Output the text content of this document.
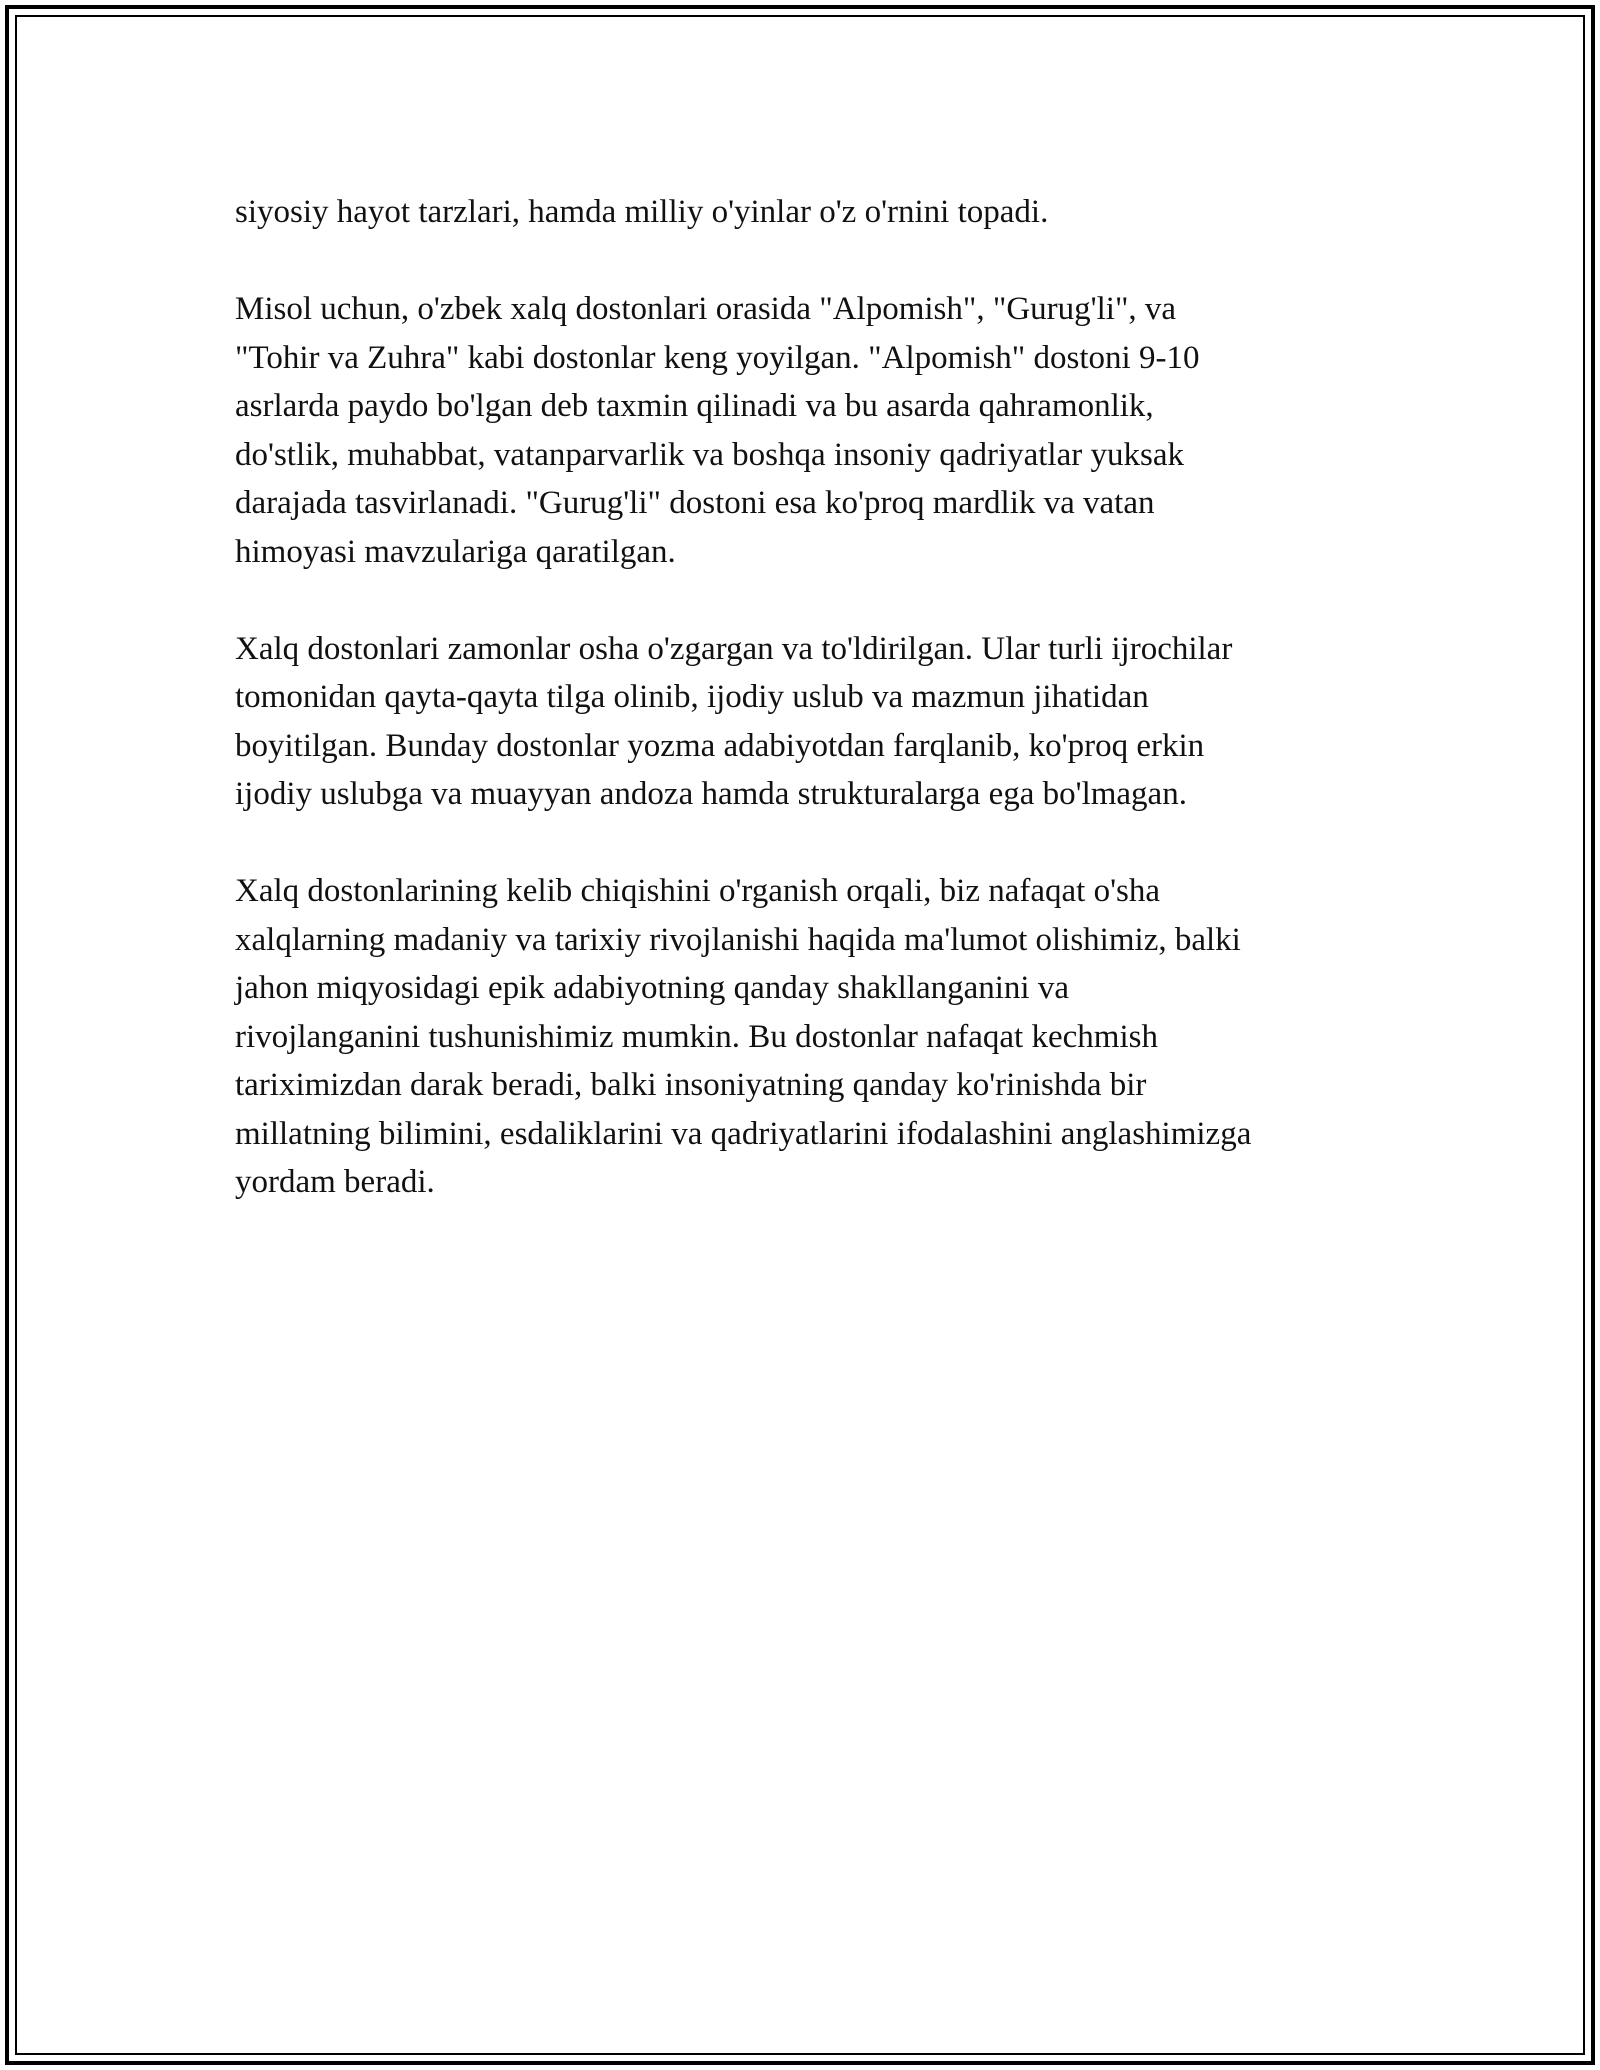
siyosiy hayot tarzlari, hamda milliy o'yinlar o'z o'rnini topadi.

Misol uchun, o'zbek xalq dostonlari orasida "Alpomish", "Gurug'li", va
"Tohir va Zuhra" kabi dostonlar keng yoyilgan. "Alpomish" dostoni 9-10
asrlarda paydo bo'lgan deb taxmin qilinadi va bu asarda qahramonlik,
do'stlik, muhabbat, vatanparvarlik va boshqa insoniy qadriyatlar yuksak
darajada tasvirlanadi. "Gurug'li" dostoni esa ko'proq mardlik va vatan
himoyasi mavzulariga qaratilgan.

Xalq dostonlari zamonlar osha o'zgargan va to'ldirilgan. Ular turli ijrochilar
tomonidan qayta-qayta tilga olinib, ijodiy uslub va mazmun jihatidan
boyitilgan. Bunday dostonlar yozma adabiyotdan farqlanib, ko'proq erkin
ijodiy uslubga va muayyan andoza hamda strukturalarga ega bo'lmagan.

Xalq dostonlarining kelib chiqishini o'rganish orqali, biz nafaqat o'sha
xalqlarning madaniy va tarixiy rivojlanishi haqida ma'lumot olishimiz, balki
jahon miqyosidagi epik adabiyotning qanday shakllanganini va
rivojlanganini tushunishimiz mumkin. Bu dostonlar nafaqat kechmish
tariximizdan darak beradi, balki insoniyatning qanday ko'rinishda bir
millatning bilimini, esdaliklarini va qadriyatlarini ifodalashini anglashimizga
yordam beradi.
